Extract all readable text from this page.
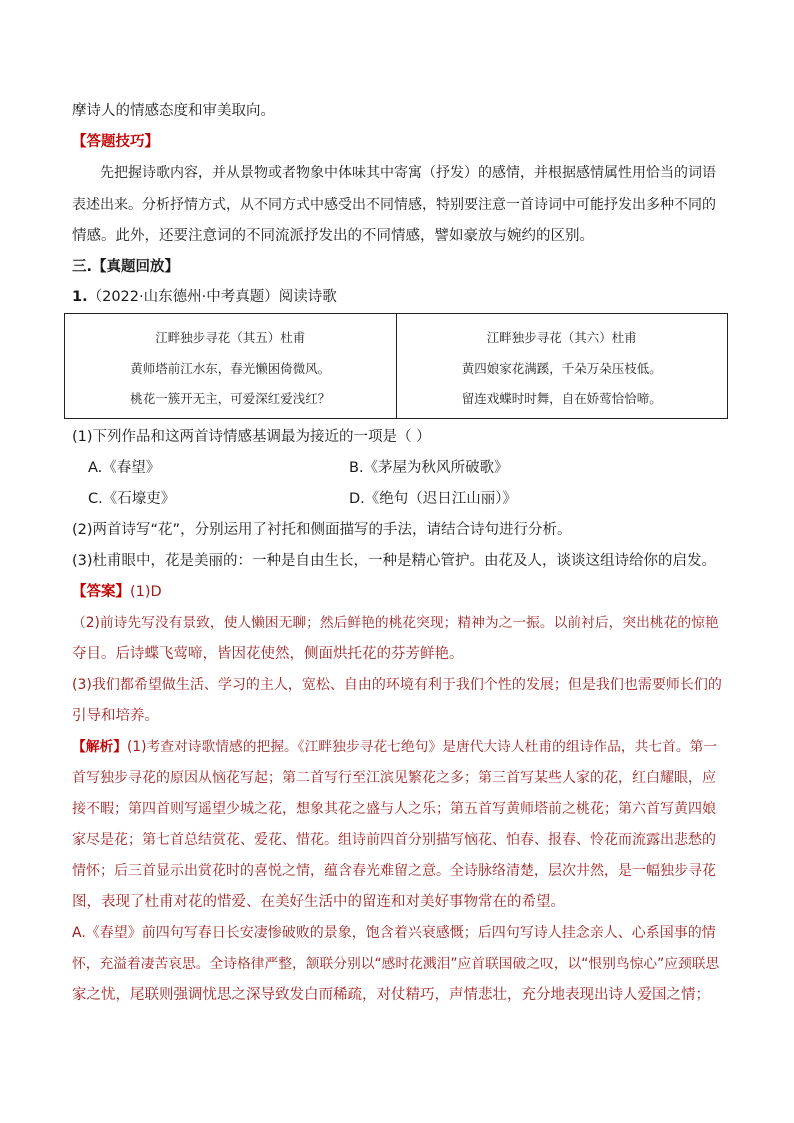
摩诗人的情感态度和审美取向。
【答题技巧】
先把握诗歌内容，并从景物或者物象中体味其中寄寓（抒发）的感情，并根据感情属性用恰当的词语
表述出来。分析抒情方式，从不同方式中感受出不同情感，特别要注意一首诗词中可能抒发出多种不同的
情感。此外，还要注意词的不同流派抒发出的不同情感，譬如豪放与婉约的区别。
三.【真题回放】
1.（2022·山东德州·中考真题）阅读诗歌
江畔独步寻花（其五）杜甫
黄师塔前江水东，春光懒困倚微风。
桃花一簇开无主，可爱深红爱浅红？

江畔独步寻花（其六）杜甫
黄四娘家花满蹊，千朵万朵压枝低。
留连戏蝶时时舞，自在娇莺恰恰啼。
(1)下列作品和这两首诗情感基调最为接近的一项是（ ）
A.《春望》	B.《茅屋为秋风所破歌》
C.《石壕吏》	D.《绝句（迟日江山丽）》
(2)两首诗写“花”，分别运用了衬托和侧面描写的手法，请结合诗句进行分析。
(3)杜甫眼中，花是美丽的：一种是自由生长，一种是精心管护。由花及人，谈谈这组诗给你的启发。
【答案】(1)D
（2)前诗先写没有景致，使人懒困无聊；然后鲜艳的桃花突现；精神为之一振。以前衬后，突出桃花的惊艳
夺目。后诗蝶飞莺啼，皆因花使然，侧面烘托花的芬芳鲜艳。
(3)我们都希望做生活、学习的主人，宽松、自由的环境有利于我们个性的发展；但是我们也需要师长们的
引导和培养。
【解析】(1)考查对诗歌情感的把握。《江畔独步寻花七绝句》是唐代大诗人杜甫的组诗作品，共七首。第一
首写独步寻花的原因从恼花写起；第二首写行至江滨见繁花之多；第三首写某些人家的花，红白耀眼，应
接不暇；第四首则写遥望少城之花，想象其花之盛与人之乐；第五首写黄师塔前之桃花；第六首写黄四娘
家尽是花；第七首总结赏花、爱花、惜花。组诗前四首分别描写恼花、怕春、报春、怜花而流露出悲愁的
情怀；后三首显示出赏花时的喜悦之情，蕴含春光难留之意。全诗脉络清楚，层次井然，是一幅独步寻花
图，表现了杜甫对花的惜爱、在美好生活中的留连和对美好事物常在的希望。
A.《春望》前四句写春日长安凄惨破败的景象，饱含着兴衰感慨；后四句写诗人挂念亲人、心系国事的情
怀，充溢着凄苦哀思。全诗格律严整，颔联分别以“感时花溅泪”应首联国破之叹，以“恨别鸟惊心”应颈联思
家之忧，尾联则强调忧思之深导致发白而稀疏，对仗精巧，声情悲壮，充分地表现出诗人爱国之情；
